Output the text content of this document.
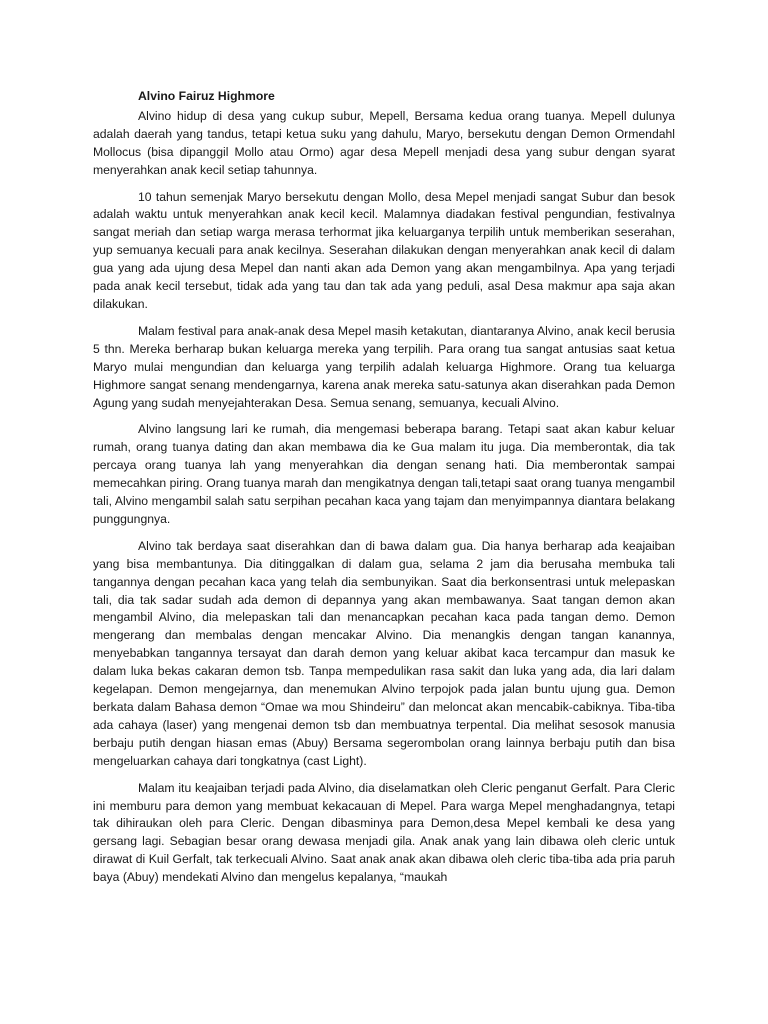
Alvino Fairuz Highmore

Alvino hidup di desa yang cukup subur, Mepell, Bersama kedua orang tuanya. Mepell dulunya adalah daerah yang tandus, tetapi ketua suku yang dahulu, Maryo, bersekutu dengan Demon Ormendahl Mollocus (bisa dipanggil Mollo atau Ormo) agar desa Mepell menjadi desa yang subur dengan syarat menyerahkan anak kecil setiap tahunnya.

10 tahun semenjak Maryo bersekutu dengan Mollo, desa Mepel menjadi sangat Subur dan besok adalah waktu untuk menyerahkan anak kecil kecil. Malamnya diadakan festival pengundian, festivalnya sangat meriah dan setiap warga merasa terhormat jika keluarganya terpilih untuk memberikan seserahan, yup semuanya kecuali para anak kecilnya. Seserahan dilakukan dengan menyerahkan anak kecil di dalam gua yang ada ujung desa Mepel dan nanti akan ada Demon yang akan mengambilnya. Apa yang terjadi pada anak kecil tersebut, tidak ada yang tau dan tak ada yang peduli, asal Desa makmur apa saja akan dilakukan.

Malam festival para anak-anak desa Mepel masih ketakutan, diantaranya Alvino, anak kecil berusia 5 thn. Mereka berharap bukan keluarga mereka yang terpilih. Para orang tua sangat antusias saat ketua Maryo mulai mengundian dan keluarga yang terpilih adalah keluarga Highmore. Orang tua keluarga Highmore sangat senang mendengarnya, karena anak mereka satu-satunya akan diserahkan pada Demon Agung yang sudah menyejahterakan Desa. Semua senang, semuanya, kecuali Alvino.

Alvino langsung lari ke rumah, dia mengemasi beberapa barang. Tetapi saat akan kabur keluar rumah, orang tuanya dating dan akan membawa dia ke Gua malam itu juga. Dia memberontak, dia tak percaya orang tuanya lah yang menyerahkan dia dengan senang hati. Dia memberontak sampai memecahkan piring. Orang tuanya marah dan mengikatnya dengan tali,tetapi saat orang tuanya mengambil tali, Alvino mengambil salah satu serpihan pecahan kaca yang tajam dan menyimpannya diantara belakang punggungnya.

Alvino tak berdaya saat diserahkan dan di bawa dalam gua. Dia hanya berharap ada keajaiban yang bisa membantunya. Dia ditinggalkan di dalam gua, selama 2 jam dia berusaha membuka tali tangannya dengan pecahan kaca yang telah dia sembunyikan. Saat dia berkonsentrasi untuk melepaskan tali, dia tak sadar sudah ada demon di depannya yang akan membawanya. Saat tangan demon akan mengambil Alvino, dia melepaskan tali dan menancapkan pecahan kaca pada tangan demo. Demon mengerang dan membalas dengan mencakar Alvino. Dia menangkis dengan tangan kanannya, menyebabkan tangannya tersayat dan darah demon yang keluar akibat kaca tercampur dan masuk ke dalam luka bekas cakaran demon tsb. Tanpa mempedulikan rasa sakit dan luka yang ada, dia lari dalam kegelapan. Demon mengejarnya, dan menemukan Alvino terpojok pada jalan buntu ujung gua. Demon berkata dalam Bahasa demon “Omae wa mou Shindeiru” dan meloncat akan mencabik-cabiknya. Tiba-tiba ada cahaya (laser) yang mengenai demon tsb dan membuatnya terpental. Dia melihat sesosok manusia berbaju putih dengan hiasan emas (Abuy) Bersama segerombolan orang lainnya berbaju putih dan bisa mengeluarkan cahaya dari tongkatnya (cast Light).

Malam itu keajaiban terjadi pada Alvino, dia diselamatkan oleh Cleric penganut Gerfalt. Para Cleric ini memburu para demon yang membuat kekacauan di Mepel. Para warga Mepel menghadangnya, tetapi tak dihiraukan oleh para Cleric. Dengan dibasminya para Demon,desa Mepel kembali ke desa yang gersang lagi. Sebagian besar orang dewasa menjadi gila. Anak anak yang lain dibawa oleh cleric untuk dirawat di Kuil Gerfalt, tak terkecuali Alvino. Saat anak anak akan dibawa oleh cleric tiba-tiba ada pria paruh baya (Abuy) mendekati Alvino dan mengelus kepalanya, “maukah
